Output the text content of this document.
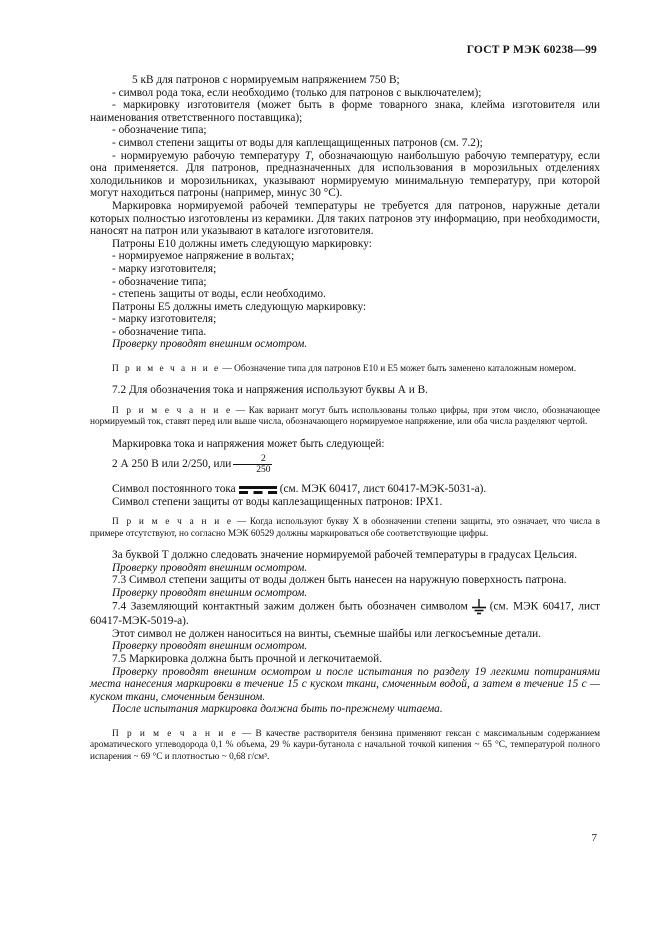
ГОСТ Р МЭК 60238—99

5 кВ для патронов с нормируемым напряжением 750 В;

- символ рода тока, если необходимо (только для патронов с выключателем);

- маркировку изготовителя (может быть в форме товарного знака, клейма изготовителя или наименования ответственного поставщика);

- обозначение типа;

- символ степени защиты от воды для каплещащищенных патронов (см. 7.2);

- нормируемую рабочую температуру T, обозначающую наибольшую рабочую температуру, если она применяется. Для патронов, предназначенных для использования в морозильных отделениях холодильников и морозильниках, указывают нормируемую минимальную температуру, при которой могут находиться патроны (например, минус 30 °С).

Маркировка нормируемой рабочей температуры не требуется для патронов, наружные детали которых полностью изготовлены из керамики. Для таких патронов эту информацию, при необходимости, наносят на патрон или указывают в каталоге изготовителя.

Патроны Е10 должны иметь следующую маркировку:

- нормируемое напряжение в вольтах;

- марку изготовителя;

- обозначение типа;

- степень защиты от воды, если необходимо.

Патроны Е5 должны иметь следующую маркировку:

- марку изготовителя;

- обозначение типа.

Проверку проводят внешним осмотром.

П р и м е ч а н и е — Обозначение типа для патронов Е10 и Е5 может быть заменено каталожным номером.

7.2 Для обозначения тока и напряжения используют буквы А и В.

П р и м е ч а н и е — Как вариант могут быть использованы только цифры, при этом число, обозначающее нормируемый ток, ставят перед или выше числа, обозначающего нормируемое напряжение, или оба числа разделяют чертой.

Маркировка тока и напряжения может быть следующей:

2 А 250 В или 2/250, или $\frac{2}{250}$

Символ постоянного тока	(см. МЭК 60417, лист 60417-МЭК-5031-а).

Символ степени защиты от воды каплезащищенных патронов: IPX1.

П р и м е ч а н и е — Когда используют букву Х в обозначении степени защиты, это означает, что числа в примере отсутствуют, но согласно МЭК 60529 должны маркироваться обе соответствующие цифры.

За буквой Т должно следовать значение нормируемой рабочей температуры в градусах Цельсия.

Проверку проводят внешним осмотром.

7.3 Символ степени защиты от воды должен быть нанесен на наружную поверхность патрона.

Проверку проводят внешним осмотром.

7.4 Заземляющий контактный зажим должен быть обозначен символом (см. МЭК 60417, лист 60417-МЭК-5019-а).

Этот символ не должен наноситься на винты, съемные шайбы или легкосъемные детали.

Проверку проводят внешним осмотром.

7.5 Маркировка должна быть прочной и легкочитаемой.

Проверку проводят внешним осмотром и после испытания по разделу 19 легкими потираниями места нанесения маркировки в течение 15 с куском ткани, смоченным водой, а затем в течение 15 с — куском ткани, смоченным бензином.

После испытания маркировка должна быть по-прежнему читаема.

П р и м е ч а н и е — В качестве растворителя бензина применяют гексан с максимальным содержанием ароматического углеводорода 0,1 % объема, 29 % каури-бутанола с начальной точкой кипения ~ 65 °С, температурой полного испарения ~ 69 °С и плотностью ~ 0,68 г/см³.

7
